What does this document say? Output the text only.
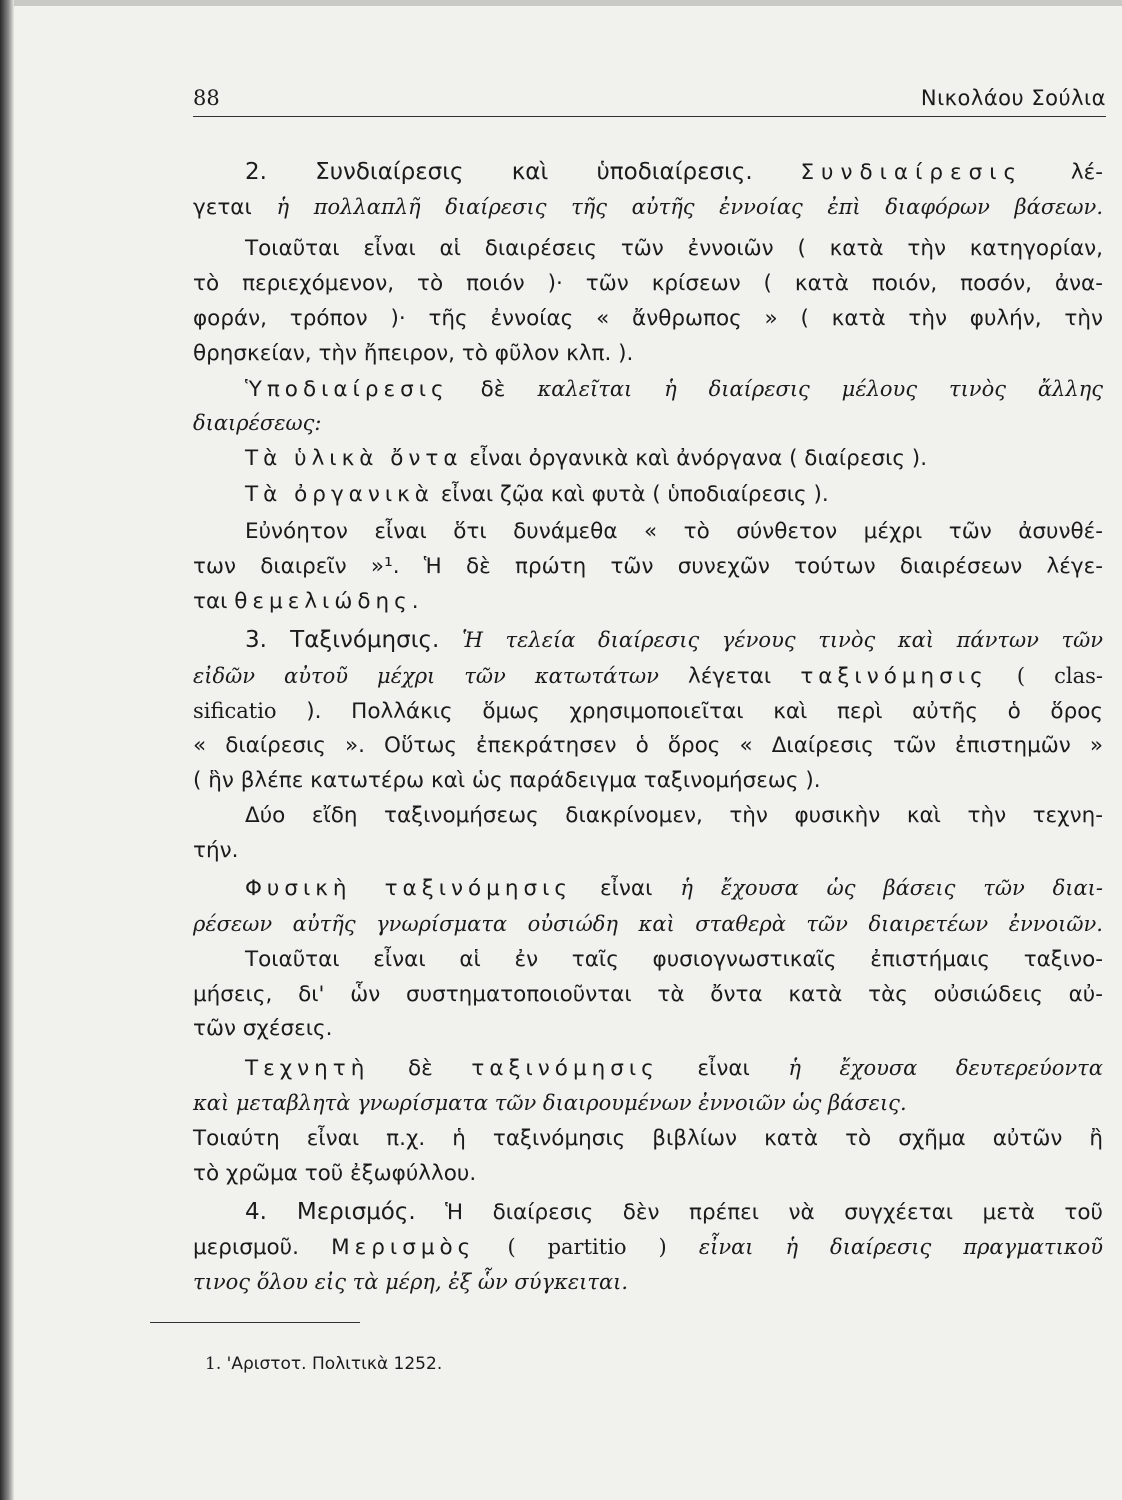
88	Νικολάου Σούλια
2. Συνδιαίρεσις καὶ ὑποδιαίρεσις. Συνδιαίρεσις λέ-
γεται ἡ πολλαπλῆ διαίρεσις τῆς αὐτῆς ἐννοίας ἐπὶ διαφόρων βάσεων.
Τοιαῦται εἶναι αἱ διαιρέσεις τῶν ἐννοιῶν ( κατὰ τὴν κατηγορίαν,
τὸ περιεχόμενον, τὸ ποιόν )· τῶν κρίσεων ( κατὰ ποιόν, ποσόν, ἀνα-
φοράν, τρόπον )· τῆς ἐννοίας « ἄνθρωπος » ( κατὰ τὴν φυλήν, τὴν
θρησκείαν, τὴν ἤπειρον, τὸ φῦλον κλπ. ).
Ὑποδιαίρεσις δὲ καλεῖται ἡ διαίρεσις μέλους τινὸς ἄλλης
διαιρέσεως:
Τὰ ὑλικὰ ὄντα εἶναι ὀργανικὰ καὶ ἀνόργανα ( διαίρεσις ).
Τὰ ὀργανικὰ εἶναι ζῷα καὶ φυτὰ ( ὑποδιαίρεσις ).
Εὐνόητον εἶναι ὅτι δυνάμεθα « τὸ σύνθετον μέχρι τῶν ἀσυνθέ-
των διαιρεῖν »¹. Ἡ δὲ πρώτη τῶν συνεχῶν τούτων διαιρέσεων λέγε-
ται θεμελιώδης.
3. Ταξινόμησις. Ἡ τελεία διαίρεσις γένους τινὸς καὶ πάντων τῶν
εἰδῶν αὐτοῦ μέχρι τῶν κατωτάτων λέγεται ταξινόμησις ( clas-
sificatio ). Πολλάκις ὅμως χρησιμοποιεῖται καὶ περὶ αὐτῆς ὁ ὅρος
« διαίρεσις ». Οὕτως ἐπεκράτησεν ὁ ὅρος « Διαίρεσις τῶν ἐπιστημῶν »
( ἣν βλέπε κατωτέρω καὶ ὡς παράδειγμα ταξινομήσεως ).
Δύο εἴδη ταξινομήσεως διακρίνομεν, τὴν φυσικὴν καὶ τὴν τεχνη-
τήν.
Φυσικὴ ταξινόμησις εἶναι ἡ ἔχουσα ὡς βάσεις τῶν διαι-
ρέσεων αὐτῆς γνωρίσματα οὐσιώδη καὶ σταθερὰ τῶν διαιρετέων ἐννοιῶν.
Τοιαῦται εἶναι αἱ ἐν ταῖς φυσιογνωστικαῖς ἐπιστήμαις ταξινο-
μήσεις, δι' ὧν συστηματοποιοῦνται τὰ ὄντα κατὰ τὰς οὐσιώδεις αὐ-
τῶν σχέσεις.
Τεχνητὴ δὲ ταξινόμησις εἶναι ἡ ἔχουσα δευτερεύοντα
καὶ μεταβλητὰ γνωρίσματα τῶν διαιρουμένων ἐννοιῶν ὡς βάσεις.
Τοιαύτη εἶναι π.χ. ἡ ταξινόμησις βιβλίων κατὰ τὸ σχῆμα αὐτῶν ἢ
τὸ χρῶμα τοῦ ἐξωφύλλου.
4. Μερισμός. Ἡ διαίρεσις δὲν πρέπει νὰ συγχέεται μετὰ τοῦ
μερισμοῦ. Μερισμὸς ( partitio ) εἶναι ἡ διαίρεσις πραγματικοῦ
τινος ὅλου εἰς τὰ μέρη, ἐξ ὧν σύγκειται.
1. 'Αριστοτ. Πολιτικὰ 1252.
